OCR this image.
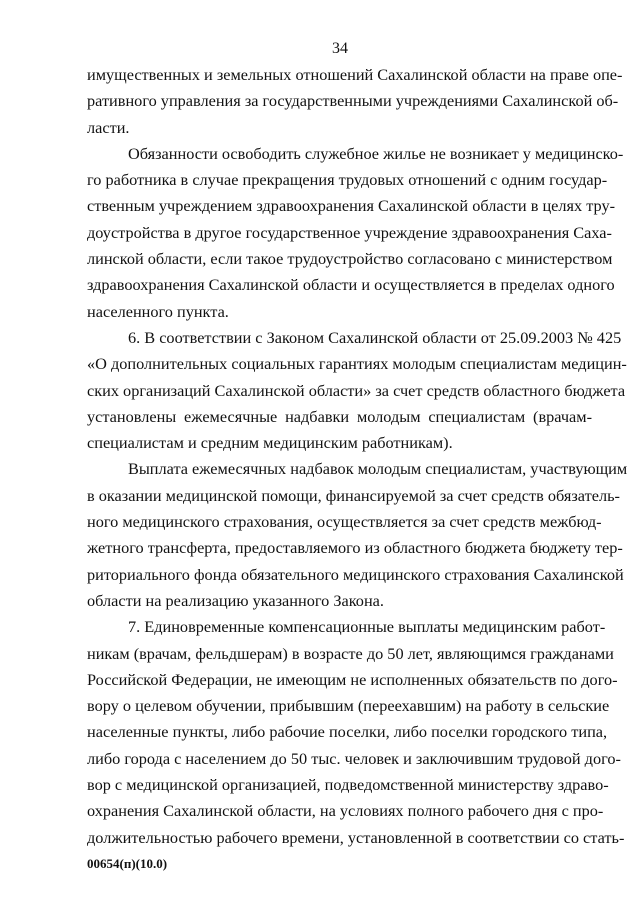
34
имущественных и земельных отношений Сахалинской области на праве опе-
ративного управления за государственными учреждениями Сахалинской об-
ласти.
Обязанности освободить служебное жилье не возникает у медицинско-
го работника в случае прекращения трудовых отношений с одним государ-
ственным учреждением здравоохранения Сахалинской области в целях тру-
доустройства в другое государственное учреждение здравоохранения Саха-
линской области, если такое трудоустройство согласовано с министерством
здравоохранения Сахалинской области и осуществляется в пределах одного
населенного пункта.
6. В соответствии с Законом Сахалинской области от 25.09.2003 № 425
«О дополнительных социальных гарантиях молодым специалистам медицин-
ских организаций Сахалинской области» за счет средств областного бюджета
установлены ежемесячные надбавки молодым специалистам (врачам-
специалистам и средним медицинским работникам).
Выплата ежемесячных надбавок молодым специалистам, участвующим
в оказании медицинской помощи, финансируемой за счет средств обязатель-
ного медицинского страхования, осуществляется за счет средств межбюд-
жетного трансферта, предоставляемого из областного бюджета бюджету тер-
риториального фонда обязательного медицинского страхования Сахалинской
области на реализацию указанного Закона.
7. Единовременные компенсационные выплаты медицинским работ-
никам (врачам, фельдшерам) в возрасте до 50 лет, являющимся гражданами
Российской Федерации, не имеющим не исполненных обязательств по дого-
вору о целевом обучении, прибывшим (переехавшим) на работу в сельские
населенные пункты, либо рабочие поселки, либо поселки городского типа,
либо города с населением до 50 тыс. человек и заключившим трудовой дого-
вор с медицинской организацией, подведомственной министерству здраво-
охранения Сахалинской области, на условиях полного рабочего дня с про-
должительностью рабочего времени, установленной в соответствии со стать-
00654(п)(10.0)
